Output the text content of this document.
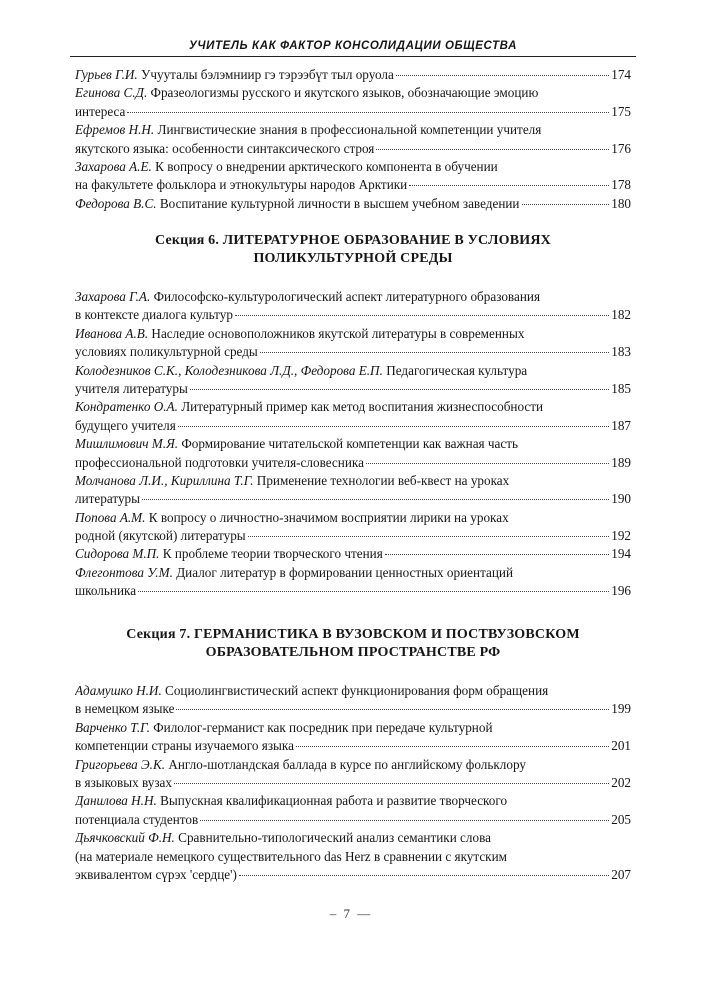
УЧИТЕЛЬ КАК ФАКТОР КОНСОЛИДАЦИИ ОБЩЕСТВА
Гурьев Г.И. Учууталы бэлэмниир гэ тэрээбүт тыл оруола	174
Егинова С.Д. Фразеологизмы русского и якутского языков, обозначающие эмоцию
интереса	175
Ефремов Н.Н. Лингвистические знания в профессиональной компетенции учителя
якутского языка: особенности синтаксического строя	176
Захарова А.Е. К вопросу о внедрении арктического компонента в обучении
на факультете фольклора и этнокультуры народов Арктики	178
Федорова В.С. Воспитание культурной личности в высшем учебном заведении	180
Секция 6. ЛИТЕРАТУРНОЕ ОБРАЗОВАНИЕ В УСЛОВИЯХ
ПОЛИКУЛЬТУРНОЙ СРЕДЫ
Захарова Г.А. Философско-культурологический аспект литературного образования
в контексте диалога культур	182
Иванова А.В. Наследие основоположников якутской литературы в современных
условиях поликультурной среды	183
Колодезников С.К., Колодезникова Л.Д., Федорова Е.П. Педагогическая культура
учителя литературы	185
Кондратенко О.А. Литературный пример как метод воспитания жизнеспособности
будущего учителя	187
Мишлимович М.Я. Формирование читательской компетенции как важная часть
профессиональной подготовки учителя-словесника	189
Молчанова Л.И., Кириллина Т.Г. Применение технологии веб-квест на уроках
литературы	190
Попова А.М. К вопросу о личностно-значимом восприятии лирики на уроках
родной (якутской) литературы	192
Сидорова М.П. К проблеме теории творческого чтения	194
Флегонтова У.М. Диалог литератур в формировании ценностных ориентаций
школьника	196
Секция 7. ГЕРМАНИСТИКА В ВУЗОВСКОМ И ПОСТВУЗОВСКОМ
ОБРАЗОВАТЕЛЬНОМ ПРОСТРАНСТВЕ РФ
Адамушко Н.И. Социолингвистический аспект функционирования форм обращения
в немецком языке	199
Варченко Т.Г. Филолог-германист как посредник при передаче культурной
компетенции страны изучаемого языка	201
Григорьева Э.К. Англо-шотландская баллада в курсе по английскому фольклору
в языковых вузах	202
Данилова Н.Н. Выпускная квалификационная работа и развитие творческого
потенциала студентов	205
Дьячковский Ф.Н. Сравнительно-типологический анализ семантики слова
(на материале немецкого существительного das Herz в сравнении с якутским
эквивалентом сүрэх 'сердце')	207
– 7 —
